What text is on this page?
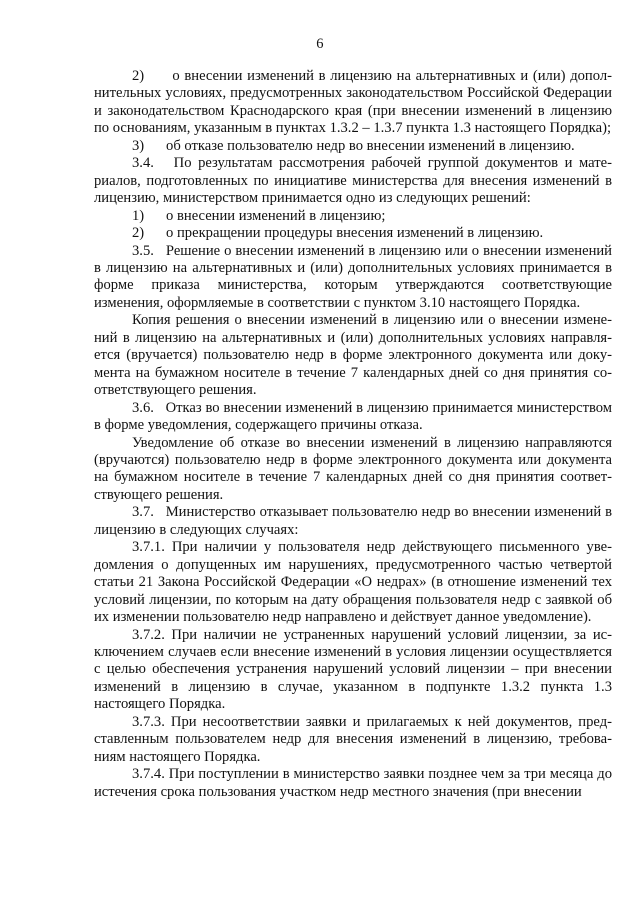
6

2)      о внесении изменений в лицензию на альтернативных и (или) дополнительных условиях, предусмотренных законодательством Российской Федерации и законодательством Краснодарского края (при внесении изменений в лицензию по основаниям, указанным в пунктах 1.3.2 – 1.3.7 пункта 1.3 настоящего Порядка);

3)      об отказе пользователю недр во внесении изменений в лицензию.

3.4.   По результатам рассмотрения рабочей группой документов и материалов, подготовленных по инициативе министерства для внесения изменений в лицензию, министерством принимается одно из следующих решений:

1)      о внесении изменений в лицензию;

2)      о прекращении процедуры внесения изменений в лицензию.

3.5.   Решение о внесении изменений в лицензию или о внесении изменений в лицензию на альтернативных и (или) дополнительных условиях принимается в форме приказа министерства, которым утверждаются соответствующие изменения, оформляемые в соответствии с пунктом 3.10 настоящего Порядка.

Копия решения о внесении изменений в лицензию или о внесении изменений в лицензию на альтернативных и (или) дополнительных условиях направляется (вручается) пользователю недр в форме электронного документа или документа на бумажном носителе в течение 7 календарных дней со дня принятия соответствующего решения.

3.6.   Отказ во внесении изменений в лицензию принимается министерством в форме уведомления, содержащего причины отказа.

Уведомление об отказе во внесении изменений в лицензию направляются (вручаются) пользователю недр в форме электронного документа или документа на бумажном носителе в течение 7 календарных дней со дня принятия соответствующего решения.

3.7.   Министерство отказывает пользователю недр во внесении изменений в лицензию в следующих случаях:

3.7.1. При наличии у пользователя недр действующего письменного уведомления о допущенных им нарушениях, предусмотренного частью четвертой статьи 21 Закона Российской Федерации «О недрах» (в отношение изменений тех условий лицензии, по которым на дату обращения пользователя недр с заявкой об их изменении пользователю недр направлено и действует данное уведомление).

3.7.2. При наличии не устраненных нарушений условий лицензии, за исключением случаев если внесение изменений в условия лицензии осуществляется с целью обеспечения устранения нарушений условий лицензии – при внесении изменений в лицензию в случае, указанном в подпункте 1.3.2 пункта 1.3 настоящего Порядка.

3.7.3. При несоответствии заявки и прилагаемых к ней документов, представленным пользователем недр для внесения изменений в лицензию, требованиям настоящего Порядка.

3.7.4. При поступлении в министерство заявки позднее чем за три месяца до истечения срока пользования участком недр местного значения (при внесении
